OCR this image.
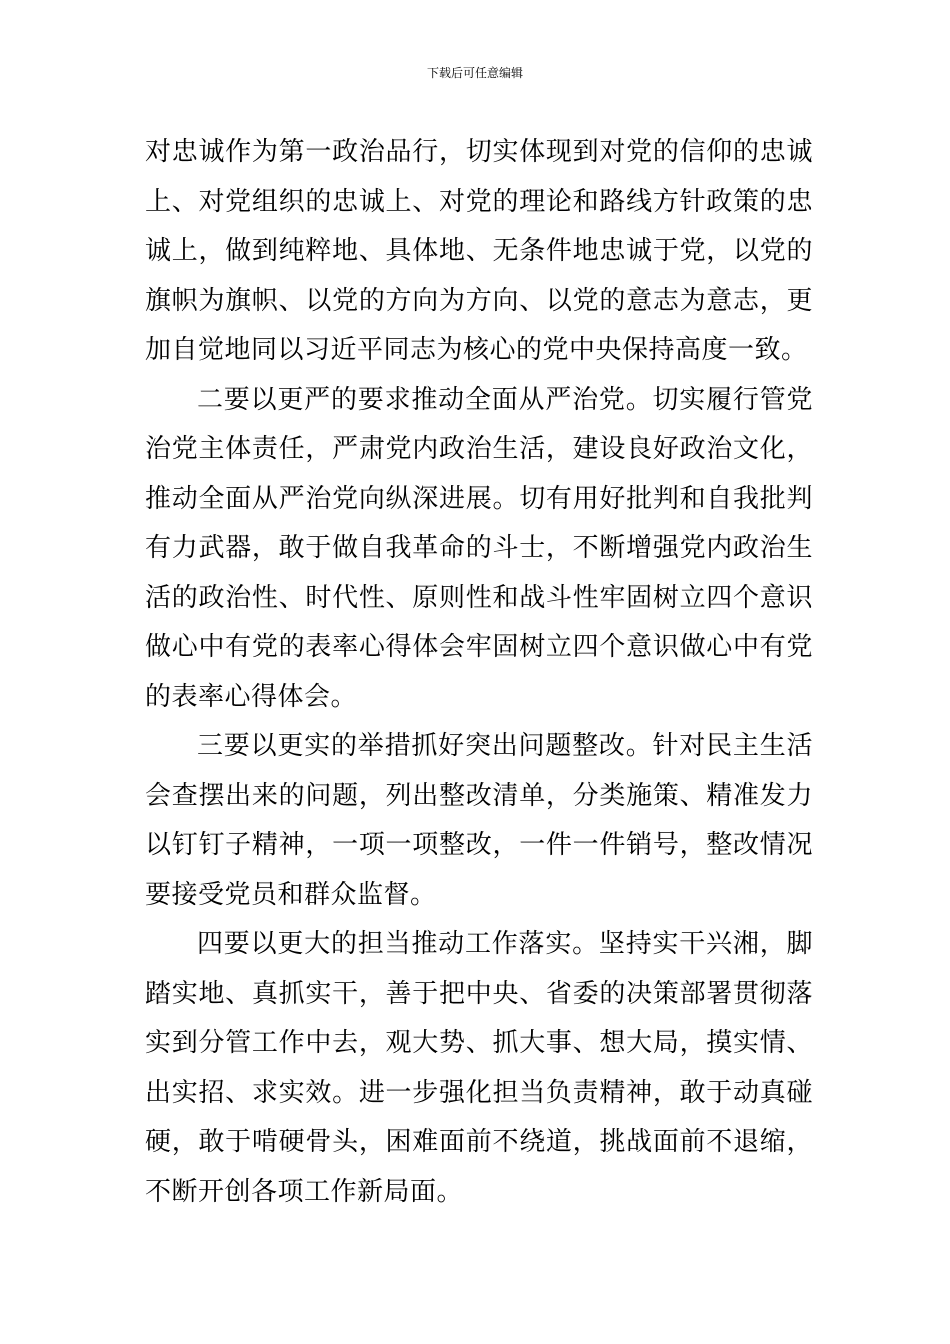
下载后可任意编辑

对忠诚作为第一政治品行，切实体现到对党的信仰的忠诚上、对党组织的忠诚上、对党的理论和路线方针政策的忠诚上，做到纯粹地、具体地、无条件地忠诚于党，以党的旗帜为旗帜、以党的方向为方向、以党的意志为意志，更加自觉地同以习近平同志为核心的党中央保持高度一致。

二要以更严的要求推动全面从严治党。切实履行管党治党主体责任，严肃党内政治生活，建设良好政治文化，推动全面从严治党向纵深进展。切有用好批判和自我批判有力武器，敢于做自我革命的斗士，不断增强党内政治生活的政治性、时代性、原则性和战斗性牢固树立四个意识做心中有党的表率心得体会牢固树立四个意识做心中有党的表率心得体会。

三要以更实的举措抓好突出问题整改。针对民主生活会查摆出来的问题，列出整改清单，分类施策、精准发力以钉钉子精神，一项一项整改，一件一件销号，整改情况要接受党员和群众监督。

四要以更大的担当推动工作落实。坚持实干兴湘，脚踏实地、真抓实干，善于把中央、省委的决策部署贯彻落实到分管工作中去，观大势、抓大事、想大局，摸实情、出实招、求实效。进一步强化担当负责精神，敢于动真碰硬，敢于啃硬骨头，困难面前不绕道，挑战面前不退缩，不断开创各项工作新局面。
